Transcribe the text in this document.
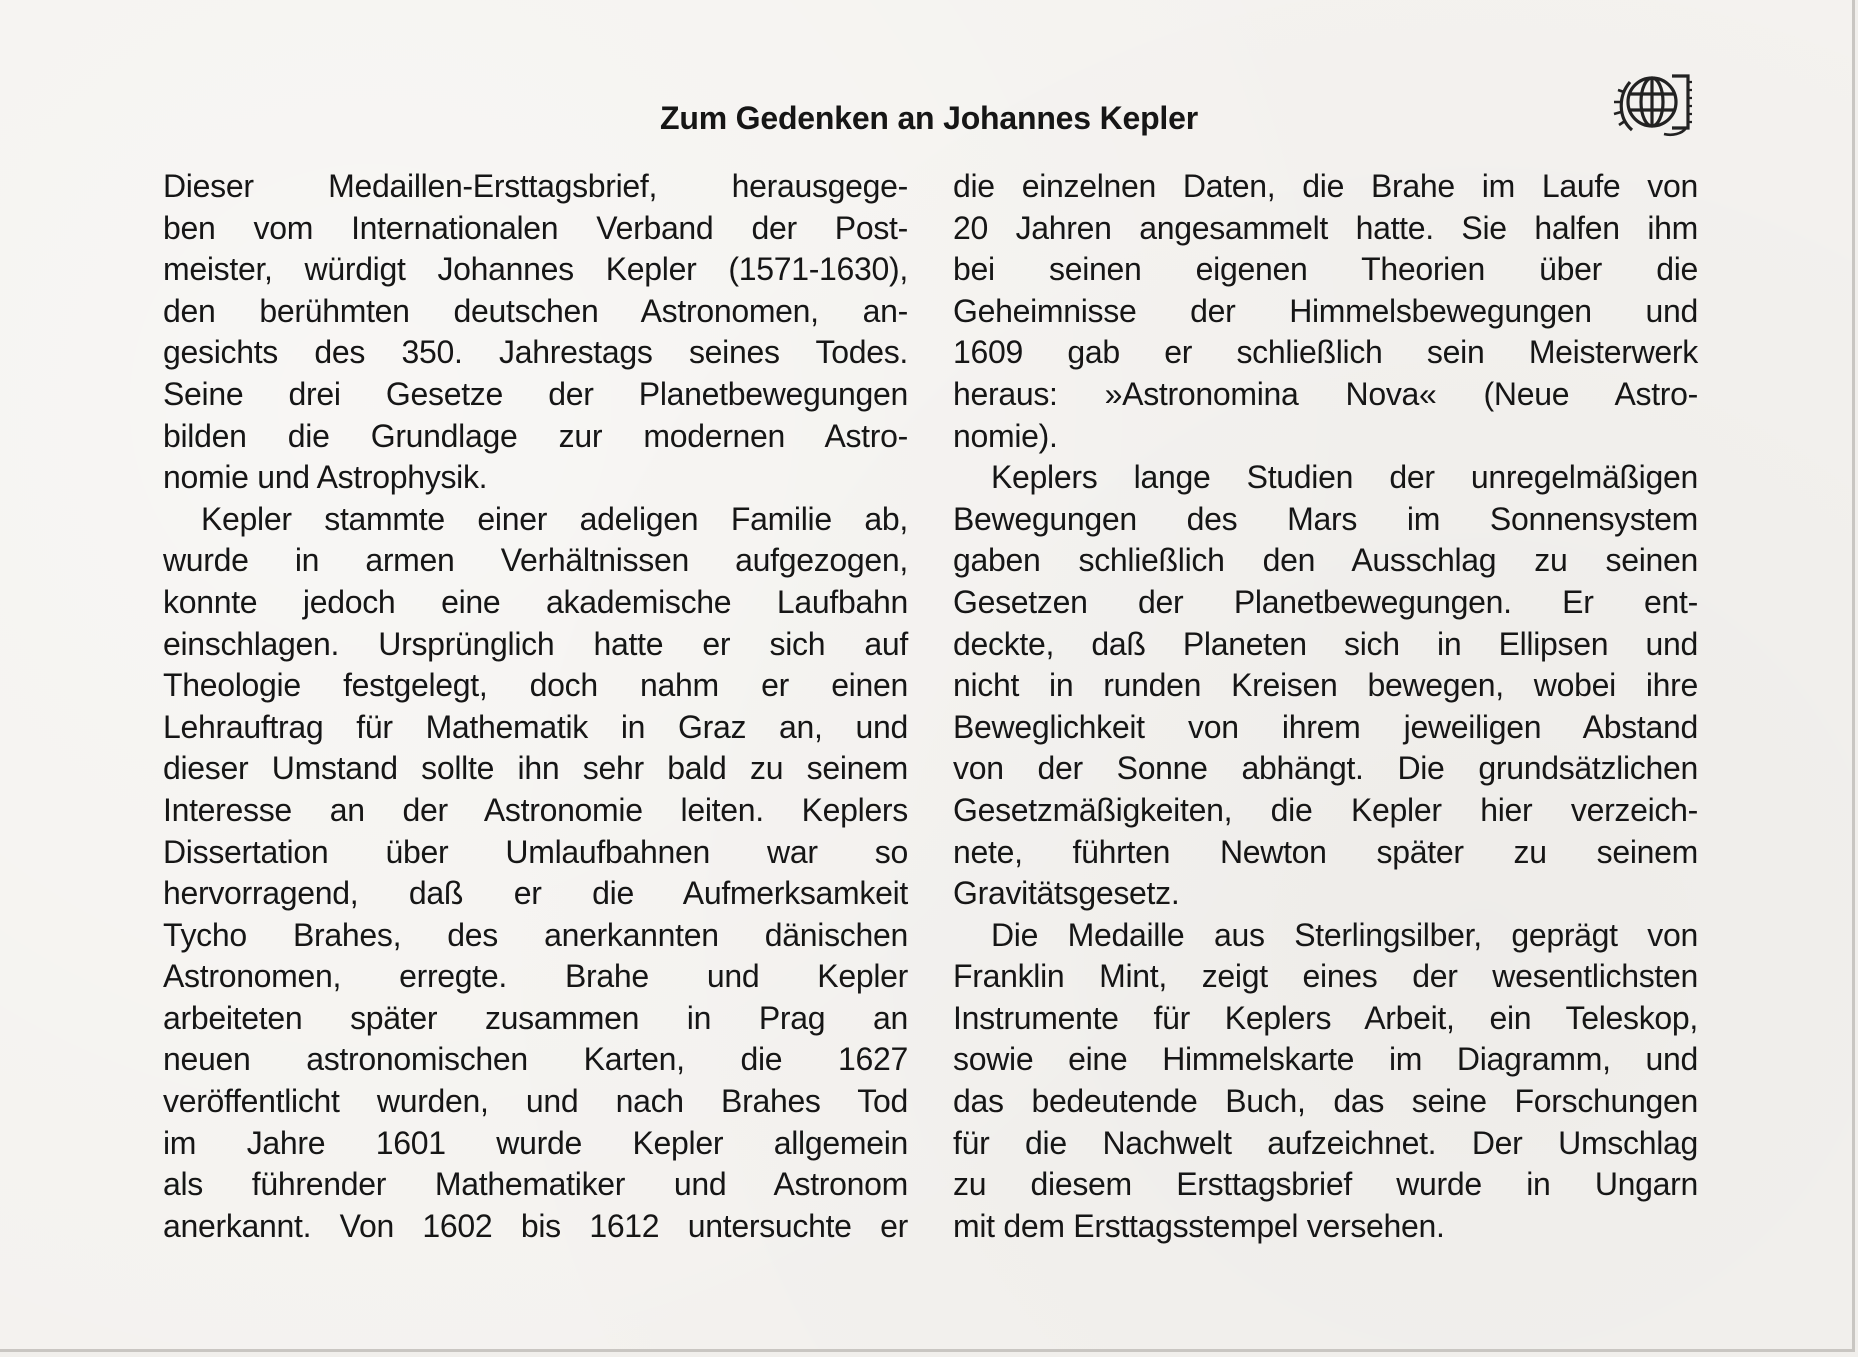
Zum Gedenken an Johannes Kepler
Dieser Medaillen-Ersttagsbrief, herausgege-
ben vom Internationalen Verband der Post-
meister, würdigt Johannes Kepler (1571-1630),
den berühmten deutschen Astronomen, an-
gesichts des 350. Jahrestags seines Todes.
Seine drei Gesetze der Planetbewegungen
bilden die Grundlage zur modernen Astro-
nomie und Astrophysik.
Kepler stammte einer adeligen Familie ab,
wurde in armen Verhältnissen aufgezogen,
konnte jedoch eine akademische Laufbahn
einschlagen. Ursprünglich hatte er sich auf
Theologie festgelegt, doch nahm er einen
Lehrauftrag für Mathematik in Graz an, und
dieser Umstand sollte ihn sehr bald zu seinem
Interesse an der Astronomie leiten. Keplers
Dissertation über Umlaufbahnen war so
hervorragend, daß er die Aufmerksamkeit
Tycho Brahes, des anerkannten dänischen
Astronomen, erregte. Brahe und Kepler
arbeiteten später zusammen in Prag an
neuen astronomischen Karten, die 1627
veröffentlicht wurden, und nach Brahes Tod
im Jahre 1601 wurde Kepler allgemein
als führender Mathematiker und Astronom
anerkannt. Von 1602 bis 1612 untersuchte er
die einzelnen Daten, die Brahe im Laufe von
20 Jahren angesammelt hatte. Sie halfen ihm
bei seinen eigenen Theorien über die
Geheimnisse der Himmelsbewegungen und
1609 gab er schließlich sein Meisterwerk
heraus: »Astronomina Nova« (Neue Astro-
nomie).
Keplers lange Studien der unregelmäßigen
Bewegungen des Mars im Sonnensystem
gaben schließlich den Ausschlag zu seinen
Gesetzen der Planetbewegungen. Er ent-
deckte, daß Planeten sich in Ellipsen und
nicht in runden Kreisen bewegen, wobei ihre
Beweglichkeit von ihrem jeweiligen Abstand
von der Sonne abhängt. Die grundsätzlichen
Gesetzmäßigkeiten, die Kepler hier verzeich-
nete, führten Newton später zu seinem
Gravitätsgesetz.
Die Medaille aus Sterlingsilber, geprägt von
Franklin Mint, zeigt eines der wesentlichsten
Instrumente für Keplers Arbeit, ein Teleskop,
sowie eine Himmelskarte im Diagramm, und
das bedeutende Buch, das seine Forschungen
für die Nachwelt aufzeichnet. Der Umschlag
zu diesem Ersttagsbrief wurde in Ungarn
mit dem Ersttagsstempel versehen.
